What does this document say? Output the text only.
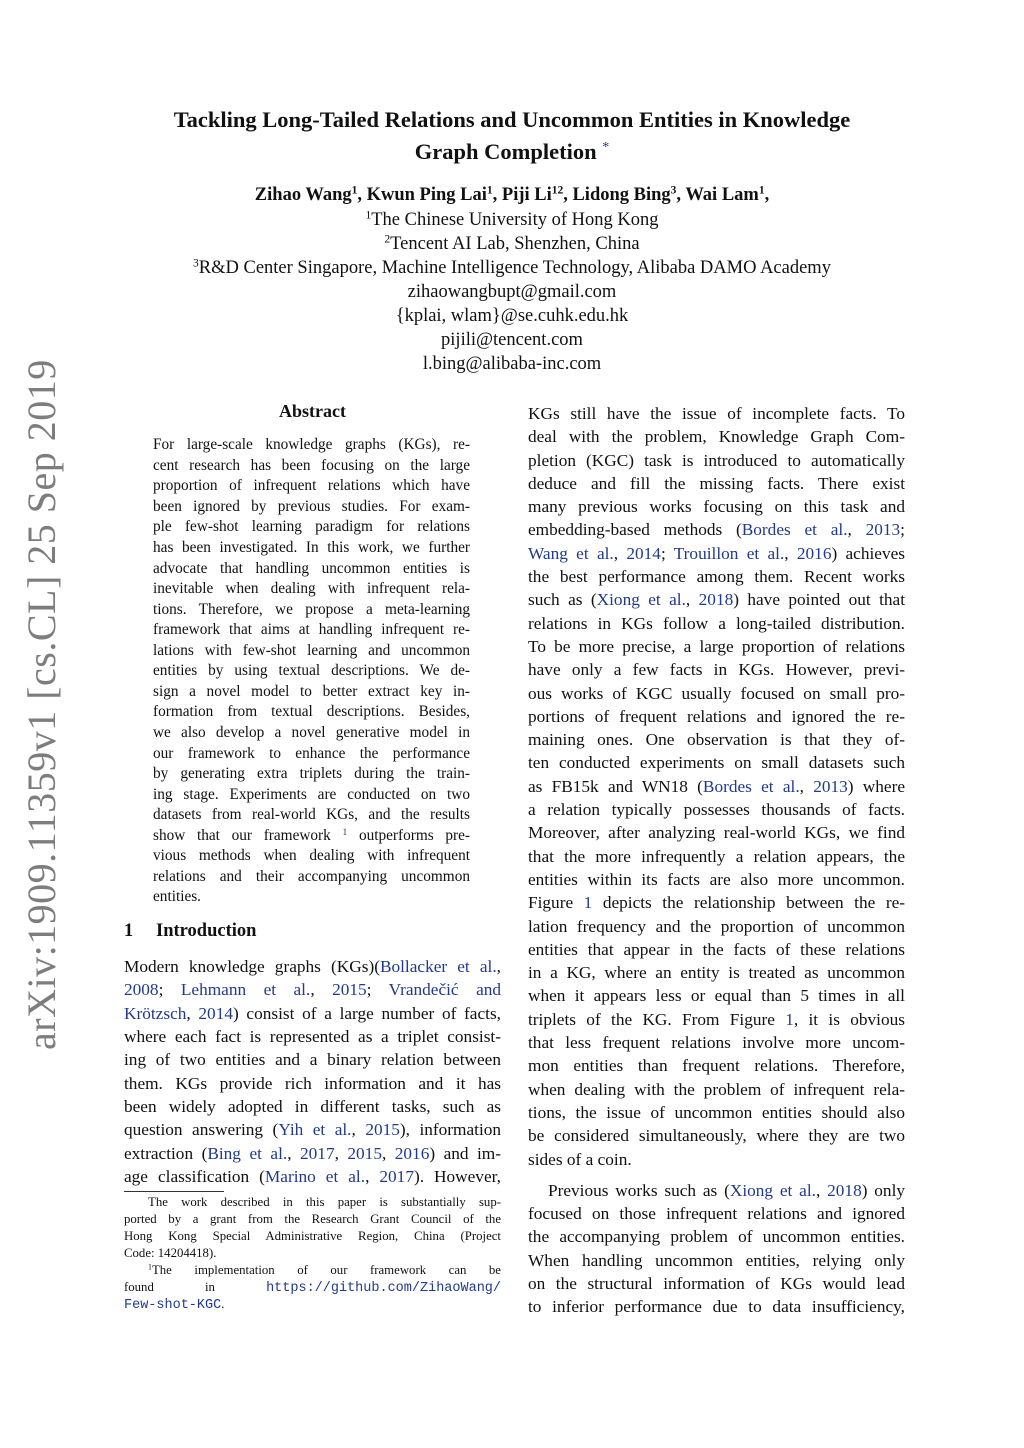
arXiv:1909.11359v1 [cs.CL] 25 Sep 2019
Tackling Long-Tailed Relations and Uncommon Entities in Knowledge
Graph Completion *
Zihao Wang$^1$, Kwun Ping Lai$^1$, Piji Li$^{12}$, Lidong Bing$^3$, Wai Lam$^1$,
$^1$The Chinese University of Hong Kong
$^2$Tencent AI Lab, Shenzhen, China
$^3$R&D Center Singapore, Machine Intelligence Technology, Alibaba DAMO Academy
zihaowangbupt@gmail.com
{kplai, wlam}@se.cuhk.edu.hk
pijili@tencent.com
l.bing@alibaba-inc.com
Abstract
For large-scale knowledge graphs (KGs), re-
cent research has been focusing on the large
proportion of infrequent relations which have
been ignored by previous studies. For exam-
ple few-shot learning paradigm for relations
has been investigated. In this work, we further
advocate that handling uncommon entities is
inevitable when dealing with infrequent rela-
tions. Therefore, we propose a meta-learning
framework that aims at handling infrequent re-
lations with few-shot learning and uncommon
entities by using textual descriptions. We de-
sign a novel model to better extract key in-
formation from textual descriptions. Besides,
we also develop a novel generative model in
our framework to enhance the performance
by generating extra triplets during the train-
ing stage. Experiments are conducted on two
datasets from real-world KGs, and the results
show that our framework $^1$ outperforms pre-
vious methods when dealing with infrequent
relations and their accompanying uncommon
entities.
1 Introduction
Modern knowledge graphs (KGs)(Bollacker et al.,
2008; Lehmann et al., 2015; Vrandečić and
Krötzsch, 2014) consist of a large number of facts,
where each fact is represented as a triplet consist-
ing of two entities and a binary relation between
them. KGs provide rich information and it has
been widely adopted in different tasks, such as
question answering (Yih et al., 2015), information
extraction (Bing et al., 2017, 2015, 2016) and im-
age classification (Marino et al., 2017). However,
The work described in this paper is substantially sup-
ported by a grant from the Research Grant Council of the
Hong Kong Special Administrative Region, China (Project
Code: 14204418).
$^1$The implementation of our framework can be
found in	https://github.com/ZihaoWang/
Few-shot-KGC.
KGs still have the issue of incomplete facts. To
deal with the problem, Knowledge Graph Com-
pletion (KGC) task is introduced to automatically
deduce and fill the missing facts. There exist
many previous works focusing on this task and
embedding-based methods (Bordes et al., 2013;
Wang et al., 2014; Trouillon et al., 2016) achieves
the best performance among them. Recent works
such as (Xiong et al., 2018) have pointed out that
relations in KGs follow a long-tailed distribution.
To be more precise, a large proportion of relations
have only a few facts in KGs. However, previ-
ous works of KGC usually focused on small pro-
portions of frequent relations and ignored the re-
maining ones. One observation is that they of-
ten conducted experiments on small datasets such
as FB15k and WN18 (Bordes et al., 2013) where
a relation typically possesses thousands of facts.
Moreover, after analyzing real-world KGs, we find
that the more infrequently a relation appears, the
entities within its facts are also more uncommon.
Figure 1 depicts the relationship between the re-
lation frequency and the proportion of uncommon
entities that appear in the facts of these relations
in a KG, where an entity is treated as uncommon
when it appears less or equal than 5 times in all
triplets of the KG. From Figure 1, it is obvious
that less frequent relations involve more uncom-
mon entities than frequent relations. Therefore,
when dealing with the problem of infrequent rela-
tions, the issue of uncommon entities should also
be considered simultaneously, where they are two
sides of a coin.
Previous works such as (Xiong et al., 2018) only
focused on those infrequent relations and ignored
the accompanying problem of uncommon entities.
When handling uncommon entities, relying only
on the structural information of KGs would lead
to inferior performance due to data insufficiency,
